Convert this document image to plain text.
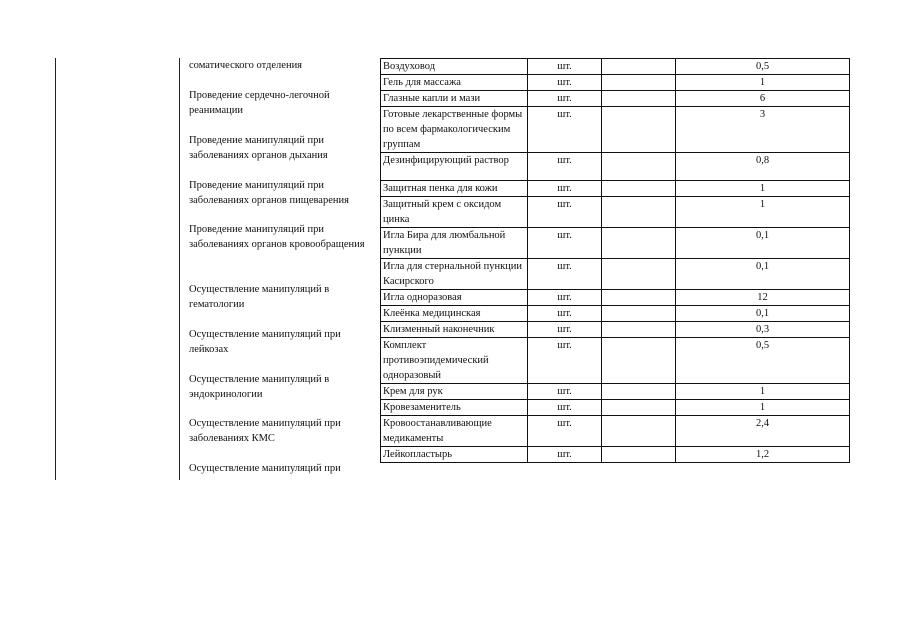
соматического отделения
Проведение сердечно-легочной реанимации
Проведение манипуляций при заболеваниях органов дыхания
Проведение манипуляций при заболеваниях органов пищеварения
Проведение манипуляций при заболеваниях органов кровообращения
Осуществление манипуляций в гематологии
Осуществление манипуляций при лейкозах
Осуществление манипуляций в эндокринологии
Осуществление манипуляций при заболеваниях КМС
Осуществление манипуляций при
Воздуховод	шт.		0,5
Гель для массажа	шт.		1
Глазные капли и мази	шт.		6
Готовые лекарственные формы по всем фармакологическим группам	шт.		3
Дезинфицирующий раствор	шт.		0,8
Защитная пенка для кожи	шт.		1
Защитный крем с оксидом цинка	шт.		1
Игла Бира для люмбальной пункции	шт.		0,1
Игла для стернальной пункции Касирского	шт.		0,1
Игла одноразовая	шт.		12
Клеёнка медицинская	шт.		0,1
Клизменный наконечник	шт.		0,3
Комплект противоэпидемический одноразовый	шт.		0,5
Крем для рук	шт.		1
Кровезаменитель	шт.		1
Кровоостанавливающие медикаменты	шт.		2,4
Лейкопластырь	шт.		1,2
